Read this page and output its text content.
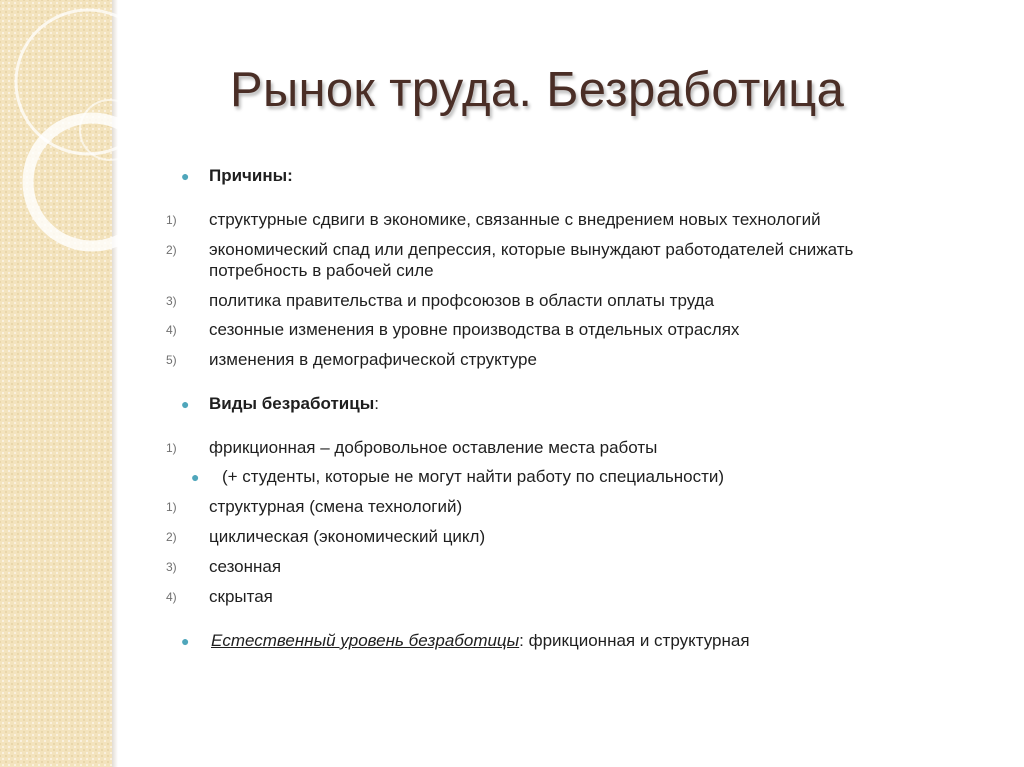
Рынок труда. Безработица
● Причины:
1)	структурные сдвиги в экономике, связанные с внедрением новых технологий
2)	экономический спад или депрессия, которые вынуждают работодателей снижать
потребность в рабочей силе
3)	политика правительства и профсоюзов в области оплаты труда
4)	сезонные изменения в уровне производства в отдельных отраслях
5)	изменения в демографической структуре
● Виды безработицы:
1)	фрикционная – добровольное оставление места работы
● (+ студенты, которые не могут найти работу по специальности)
1)	структурная (смена технологий)
2)	циклическая (экономический цикл)
3)	сезонная
4)	скрытая
● Естественный уровень безработицы: фрикционная и структурная
